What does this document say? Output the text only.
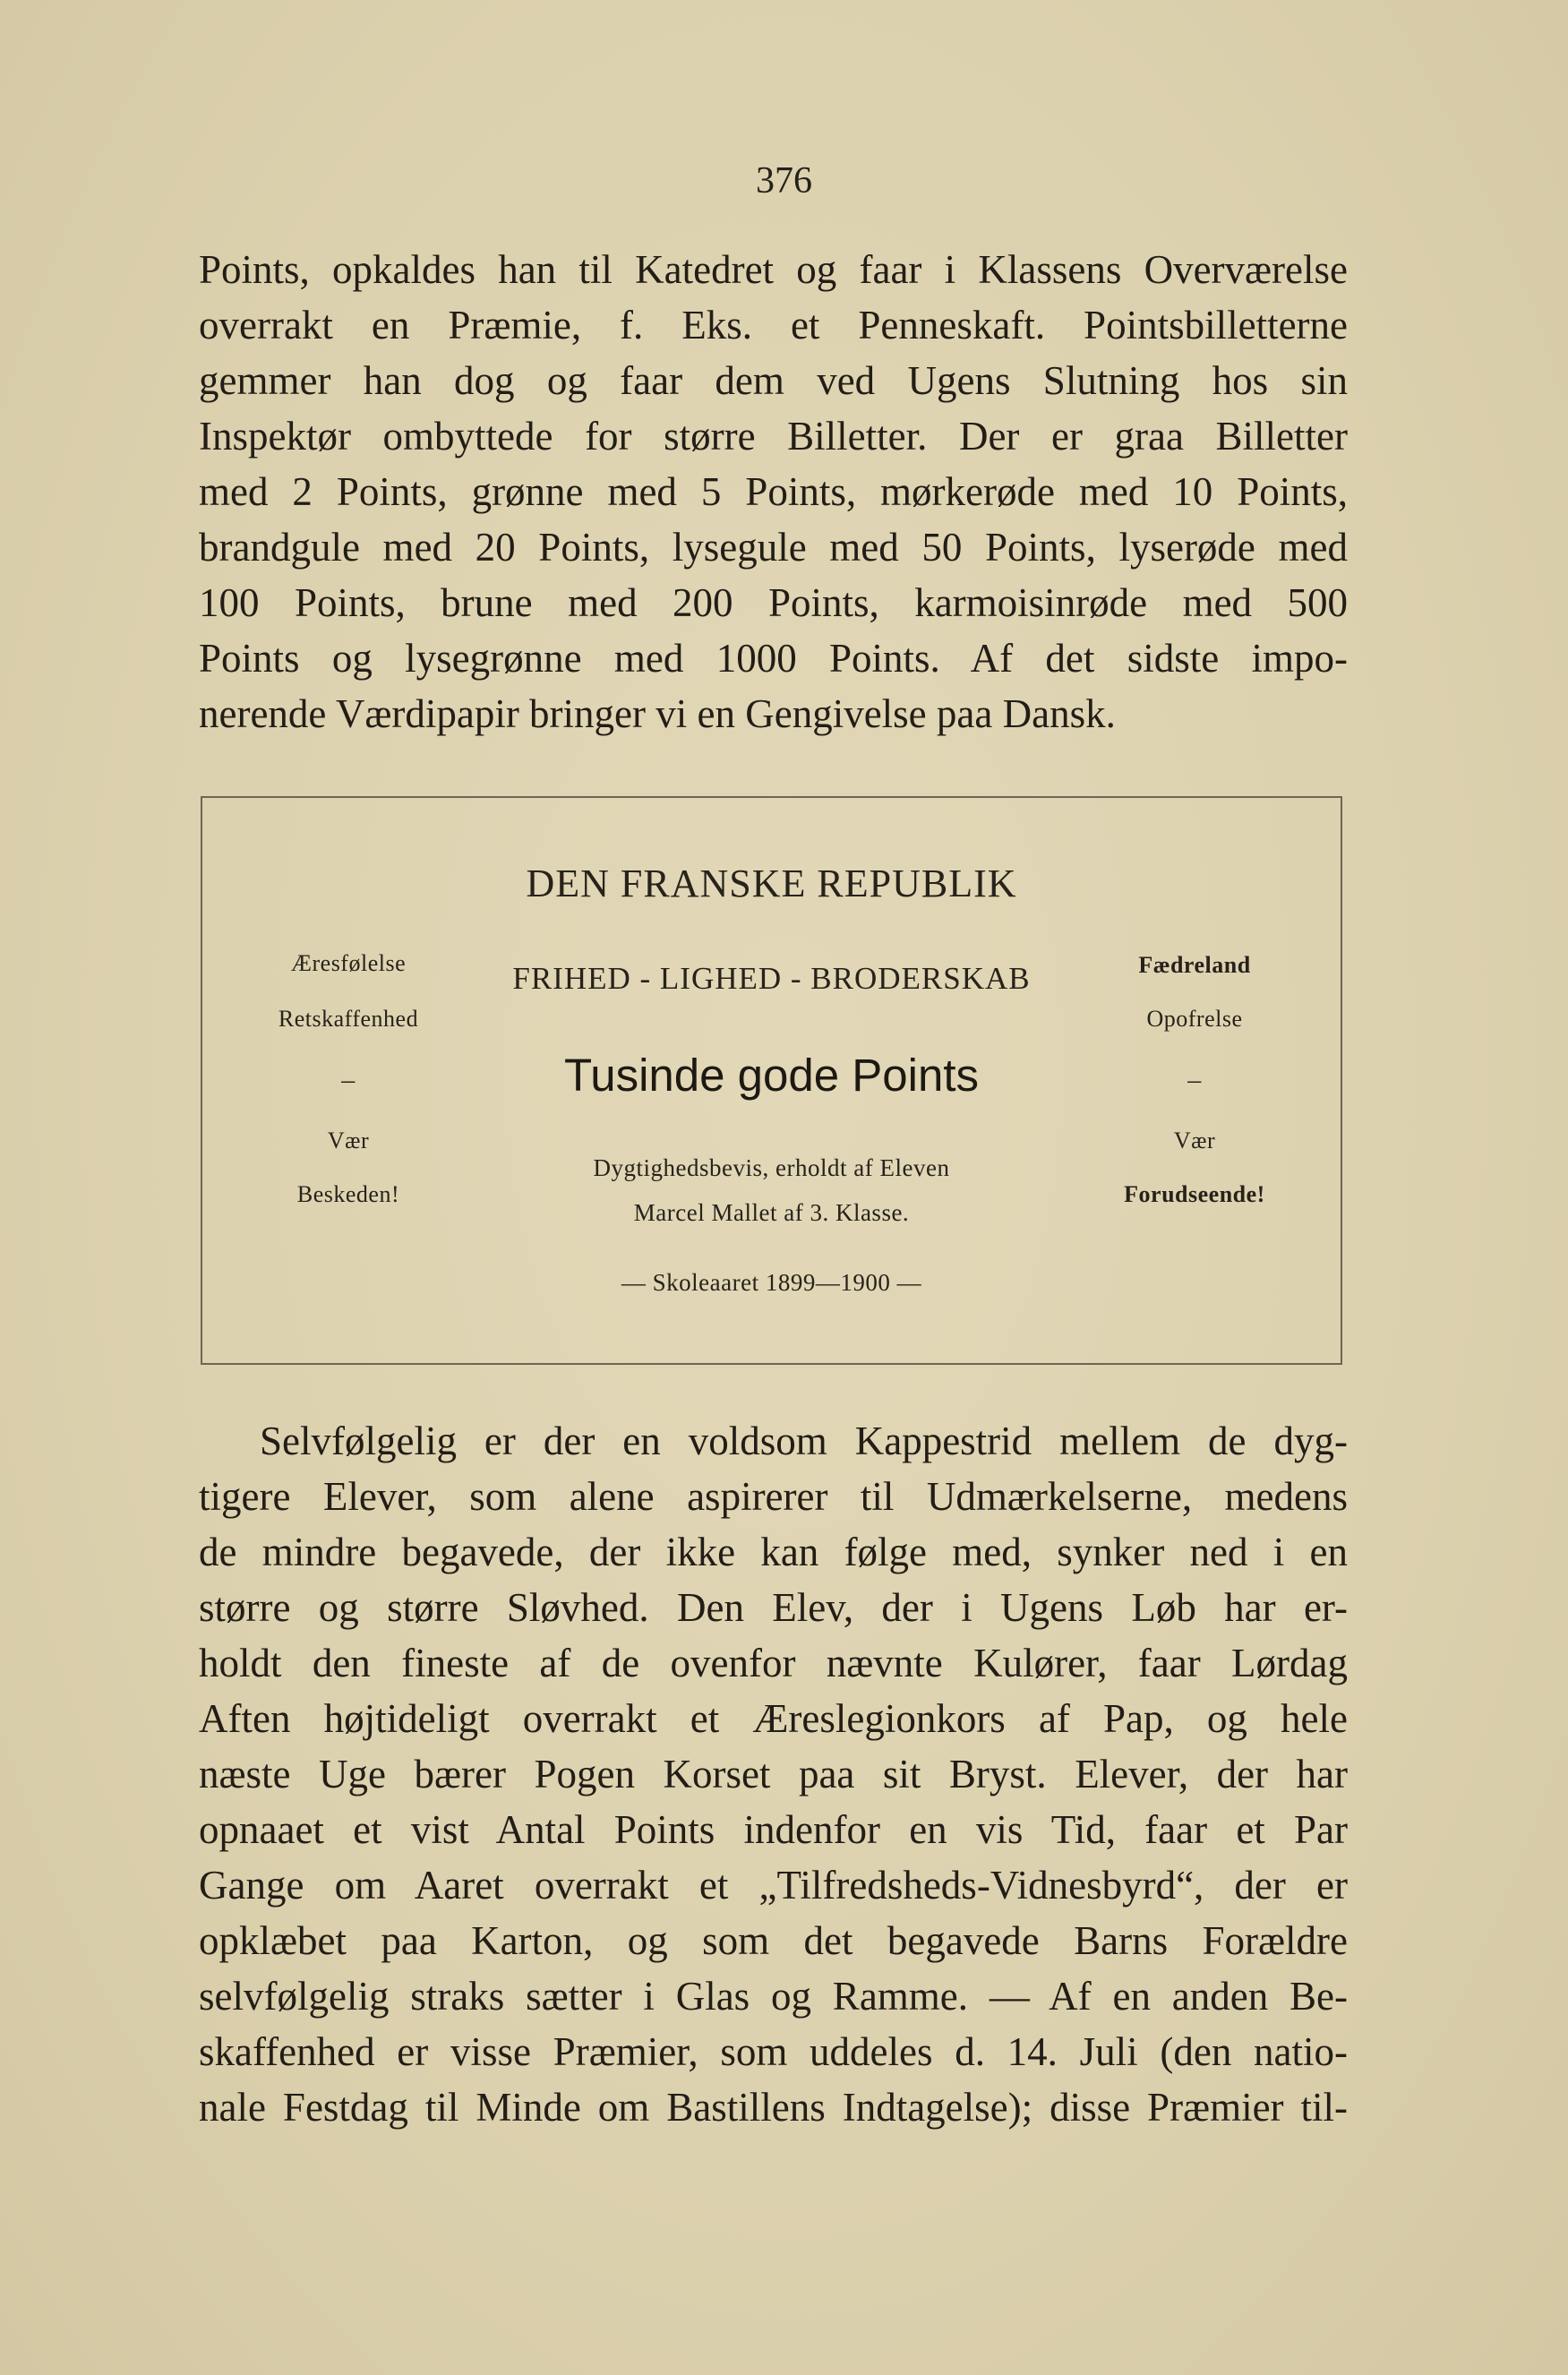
376

Points, opkaldes han til Katedret og faar i Klassens Overværelse
overrakt en Præmie, f. Eks. et Penneskaft. Pointsbilletterne
gemmer han dog og faar dem ved Ugens Slutning hos sin
Inspektør ombyttede for større Billetter. Der er graa Billetter
med 2 Points, grønne med 5 Points, mørkerøde med 10 Points,
brandgule med 20 Points, lysegule med 50 Points, lyserøde med
100 Points, brune med 200 Points, karmoisinrøde med 500
Points og lysegrønne med 1000 Points. Af det sidste impo-
nerende Værdipapir bringer vi en Gengivelse paa Dansk.

DEN FRANSKE REPUBLIK
FRIHED - LIGHED - BRODERSKAB
Tusinde gode Points
Dygtighedsbevis, erholdt af Eleven
Marcel Mallet af 3. Klasse.
— Skoleaaret 1899—1900 —
Æresfølelse
Retskaffenhed
–
Vær
Beskeden!
Fædreland
Opofrelse
–
Vær
Forudseende!

Selvfølgelig er der en voldsom Kappestrid mellem de dyg-
tigere Elever, som alene aspirerer til Udmærkelserne, medens
de mindre begavede, der ikke kan følge med, synker ned i en
større og større Sløvhed. Den Elev, der i Ugens Løb har er-
holdt den fineste af de ovenfor nævnte Kulører, faar Lørdag
Aften højtideligt overrakt et Æreslegionkors af Pap, og hele
næste Uge bærer Pogen Korset paa sit Bryst. Elever, der har
opnaaet et vist Antal Points indenfor en vis Tid, faar et Par
Gange om Aaret overrakt et „Tilfredsheds-Vidnesbyrd“, der er
opklæbet paa Karton, og som det begavede Barns Forældre
selvfølgelig straks sætter i Glas og Ramme. — Af en anden Be-
skaffenhed er visse Præmier, som uddeles d. 14. Juli (den natio-
nale Festdag til Minde om Bastillens Indtagelse); disse Præmier til-
